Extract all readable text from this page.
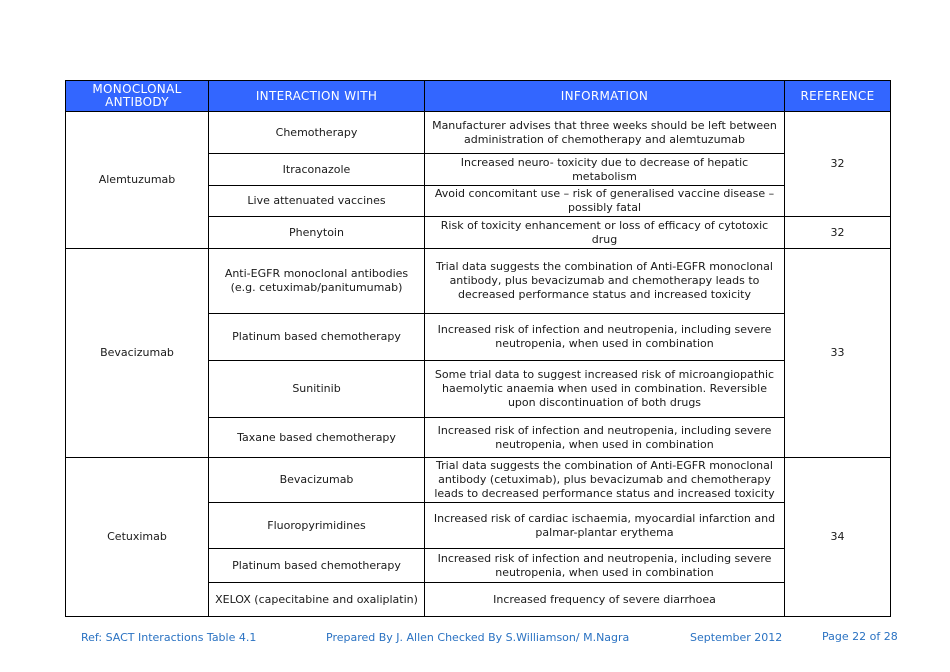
MONOCLONAL ANTIBODY	INTERACTION WITH	INFORMATION	REFERENCE
Alemtuzumab	Chemotherapy	Manufacturer advises that three weeks should be left between administration of chemotherapy and alemtuzumab	32
	Itraconazole	Increased neuro- toxicity due to decrease of hepatic metabolism	
	Live attenuated vaccines	Avoid concomitant use – risk of generalised vaccine disease – possibly fatal	
	Phenytoin	Risk of toxicity enhancement or loss of efficacy of cytotoxic drug	32
Bevacizumab	Anti-EGFR monoclonal antibodies (e.g. cetuximab/panitumumab)	Trial data suggests the combination of Anti-EGFR monoclonal antibody, plus bevacizumab and chemotherapy leads to decreased performance status and increased toxicity	33
	Platinum based chemotherapy	Increased risk of infection and neutropenia, including severe neutropenia, when used in combination	
	Sunitinib	Some trial data to suggest increased risk of microangiopathic haemolytic anaemia when used in combination. Reversible upon discontinuation of both drugs	
	Taxane based chemotherapy	Increased risk of infection and neutropenia, including severe neutropenia, when used in combination	
Cetuximab	Bevacizumab	Trial data suggests the combination of Anti-EGFR monoclonal antibody (cetuximab), plus bevacizumab and chemotherapy leads to decreased performance status and increased toxicity	34
	Fluoropyrimidines	Increased risk of cardiac ischaemia, myocardial infarction and palmar-plantar erythema	
	Platinum based chemotherapy	Increased risk of infection and neutropenia, including severe neutropenia, when used in combination	
	XELOX (capecitabine and oxaliplatin)	Increased frequency of severe diarrhoea	
Ref: SACT Interactions Table 4.1	Prepared By J. Allen Checked By S.Williamson/ M.Nagra	September 2012	Page 22 of 28
